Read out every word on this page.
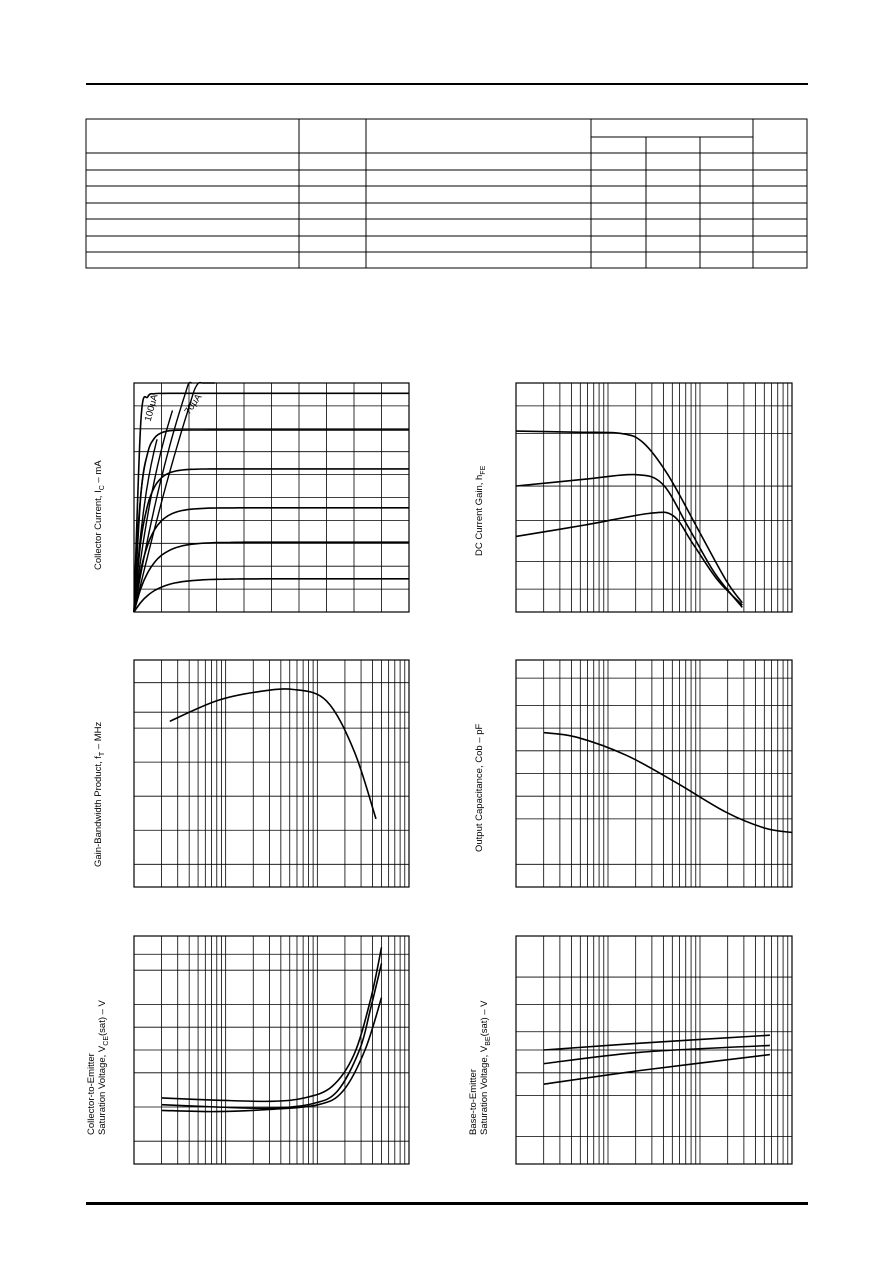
100μA 70μA
Collector Current, $I_C$ – mA
DC Current Gain, $h_{FE}$
Gain-Bandwidth Product, $f_T$ – MHz	Output Capacitance, Cob – pF
Collector-to-Emitter Saturation Voltage, $V_{CE}(sat)$ – V
Base-to-Emitter Saturation Voltage, $V_{BE}(sat)$ – V
